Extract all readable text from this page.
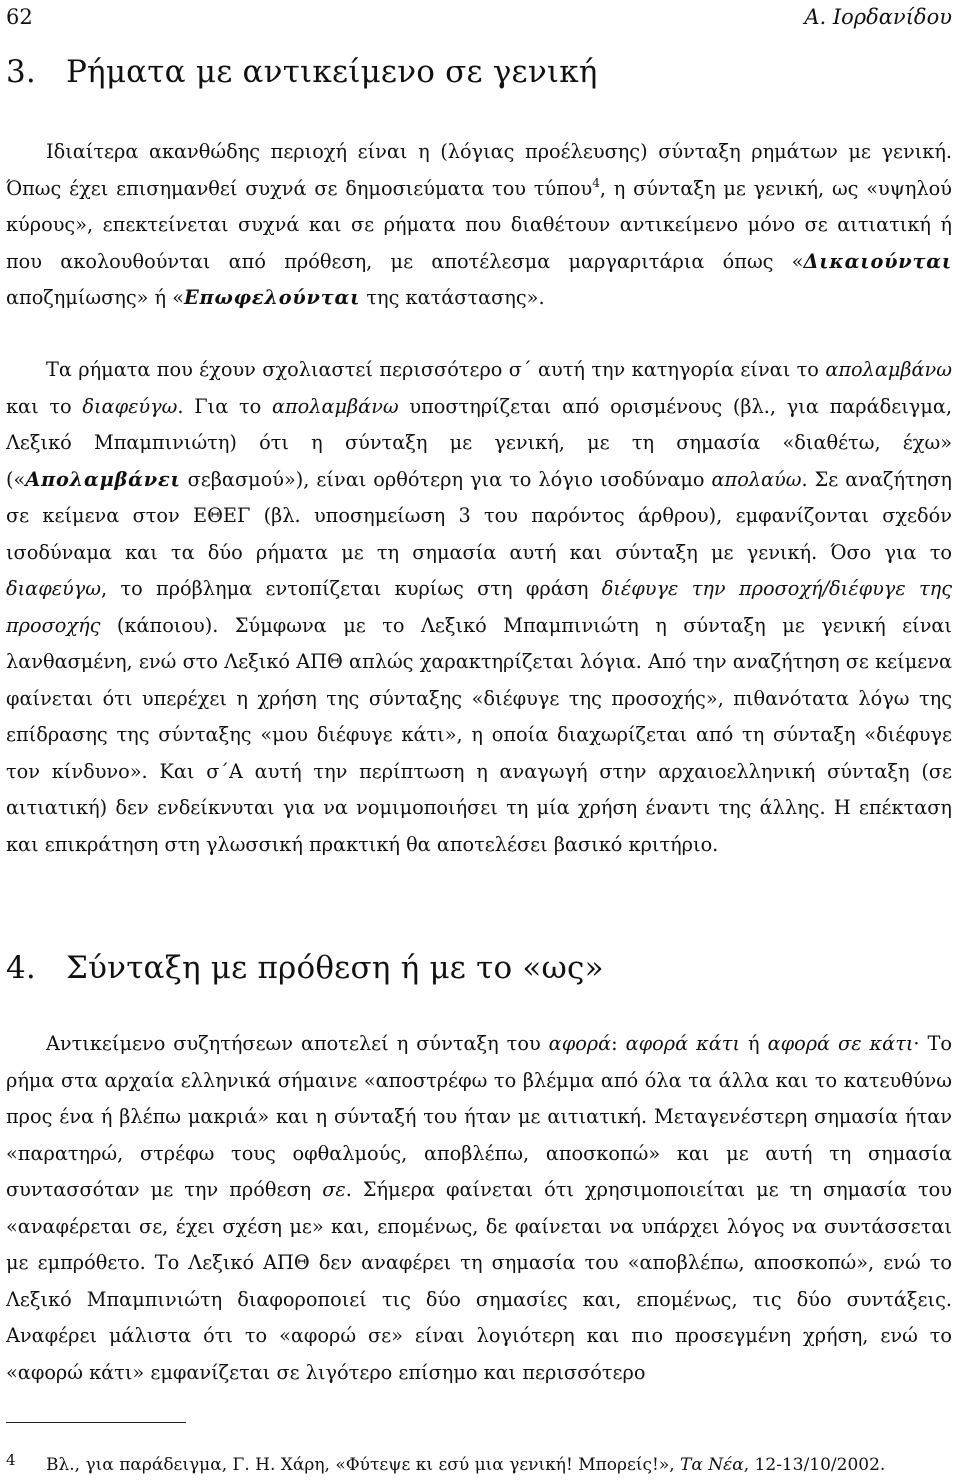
62	Α. Ιορδανίδου
3. Ρήματα με αντικείμενο σε γενική

Ιδιαίτερα ακανθώδης περιοχή είναι η (λόγιας προέλευσης) σύνταξη ρημάτων με γενική. Όπως έχει επισημανθεί συχνά σε δημοσιεύματα του τύπου$^4$, η σύνταξη με γενική, ως «υψηλού κύρους», επεκτείνεται συχνά και σε ρήματα που διαθέτουν αντικείμενο μόνο σε αιτιατική ή που ακολουθούνται από πρόθεση, με αποτέλεσμα μαργαριτάρια όπως «Δικαιούνται αποζημίωσης» ή «Επωφελούνται της κατάστασης».

Τα ρήματα που έχουν σχολιαστεί περισσότερο σ΄ αυτή την κατηγορία είναι το απολαμβάνω και το διαφεύγω. Για το απολαμβάνω υποστηρίζεται από ορισμένους (βλ., για παράδειγμα, Λεξικό Μπαμπινιώτη) ότι η σύνταξη με γενική, με τη σημασία «διαθέτω, έχω» («Απολαμβάνει σεβασμού»), είναι ορθότερη για το λόγιο ισοδύναμο απολαύω. Σε αναζήτηση σε κείμενα στον ΕΘΕΓ (βλ. υποσημείωση 3 του παρόντος άρθρου), εμφανίζονται σχεδόν ισοδύναμα και τα δύο ρήματα με τη σημασία αυτή και σύνταξη με γενική. Όσο για το διαφεύγω, το πρόβλημα εντοπίζεται κυρίως στη φράση διέφυγε την προσοχή/διέφυγε της προσοχής (κάποιου). Σύμφωνα με το Λεξικό Μπαμπινιώτη η σύνταξη με γενική είναι λανθασμένη, ενώ στο Λεξικό ΑΠΘ απλώς χαρακτηρίζεται λόγια. Από την αναζήτηση σε κείμενα φαίνεται ότι υπερέχει η χρήση της σύνταξης «διέφυγε της προσοχής», πιθανότατα λόγω της επίδρασης της σύνταξης «μου διέφυγε κάτι», η οποία διαχωρίζεται από τη σύνταξη «διέφυγε τον κίνδυνο». Και σ΄Α αυτή την περίπτωση η αναγωγή στην αρχαιοελληνική σύνταξη (σε αιτιατική) δεν ενδείκνυται για να νομιμοποιήσει τη μία χρήση έναντι της άλλης. Η επέκταση και επικράτηση στη γλωσσική πρακτική θα αποτελέσει βασικό κριτήριο.

4. Σύνταξη με πρόθεση ή με το «ως»

Αντικείμενο συζητήσεων αποτελεί η σύνταξη του αφορά: αφορά κάτι ή αφορά σε κάτι· Το ρήμα στα αρχαία ελληνικά σήμαινε «αποστρέφω το βλέμμα από όλα τα άλλα και το κατευθύνω προς ένα ή βλέπω μακριά» και η σύνταξή του ήταν με αιτιατική. Μεταγενέστερη σημασία ήταν «παρατηρώ, στρέφω τους οφθαλμούς, αποβλέπω, αποσκοπώ» και με αυτή τη σημασία συντασσόταν με την πρόθεση σε. Σήμερα φαίνεται ότι χρησιμοποιείται με τη σημασία του «αναφέρεται σε, έχει σχέση με» και, επομένως, δε φαίνεται να υπάρχει λόγος να συντάσσεται με εμπρόθετο. Το Λεξικό ΑΠΘ δεν αναφέρει τη σημασία του «αποβλέπω, αποσκοπώ», ενώ το Λεξικό Μπαμπινιώτη διαφοροποιεί τις δύο σημασίες και, επομένως, τις δύο συντάξεις. Αναφέρει μάλιστα ότι το «αφορώ σε» είναι λογιότερη και πιο προσεγμένη χρήση, ενώ το «αφορώ κάτι» εμφανίζεται σε λιγότερο επίσημο και περισσότερο

4 Βλ., για παράδειγμα, Γ. Η. Χάρη, «Φύτεψε κι εσύ μια γενική! Μπορείς!», Τα Νέα, 12-13/10/2002.
